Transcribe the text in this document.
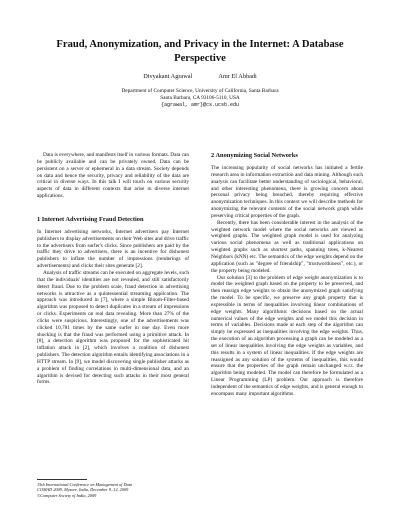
Fraud, Anonymization, and Privacy in the Internet: A Database Perspective
Divyakant Agrawal	Amr El Abbadi
Department of Computer Science, University of California, Santa Barbara
Santa Barbara, CA 93106-5110, USA
{agrawal, amr}@cs.ucsb.edu

Data is everywhere, and manifests itself in various formats. Data can be publicly available and can be privately owned. Data can be persistent on a server or ephemeral in a data stream. Society depends on data and hence the security, privacy and reliability of the data are critical in diverse ways. In this talk I will touch on various security aspects of data in different contexts that arise in diverse internet applications.

1 Internet Advertising Fraud Detection

In Internet advertising networks, Internet advertisers pay Internet publishers to display advertisements on their Web sites and drive traffic to the advertisers from surfer's clicks. Since publishers are paid by the traffic they drive to advertisers, there is an incentive for dishonest publishers to inflate the number of impressions (renderings of advertisements) and clicks their sites generate [2].

Analysis of traffic streams can be executed on aggregate levels, such that the individuals' identities are not revealed, and still satisfactorily detect fraud. Due to the problem scale, fraud detection in advertising networks is attractive as a quintessential streaming application. The approach was introduced in [7], where a simple Bloom-Filter-based algorithm was proposed to detect duplicates in a stream of impressions or clicks. Experiments on real data revealing. More than 27% of the clicks were suspicious. Interestingly, one of the advertisements was clicked 10,781 times by the same surfer in one day. Even more shocking is that the fraud was performed using a primitive attack. In [8], a detection algorithm was proposed for the sophisticated hit inflation attack in [2], which involves a coalition of dishonest publishers. The detection algorithm entails identifying associations in a HTTP stream. In [9], we model discovering single publisher attacks as a problem of finding correlations in multi-dimensional data, and an algorithm is devised for detecting such attacks in their most general forms.

2 Anonymizing Social Networks

The increasing popularity of social networks has initiated a fertile research area in information extraction and data mining. Although such analysis can facilitate better understanding of sociological, behavioral, and other interesting phenomena, there is growing concern about personal privacy being breached, thereby requiring effective anonymization techniques. In this context we will describe methods for anonymizing the relevant contents of the social network graph while preserving critical properties of the graph.

Recently, there has been considerable interest in the analysis of the weighted network model where the social networks are viewed as weighted graphs. The weighted graph model is used for analyzing various social phenomena as well as traditional applications on weighted graphs such as shortest paths, spanning trees, k-Nearest Neighbors (kNN) etc. The semantics of the edge weights depend on the application (such as "degree of friendship", "trustworthiness", etc.), or the property being modeled.

Our solution [3] to the problem of edge weight anonymization is to model the weighted graph based on the property to be preserved, and then reassign edge weights to obtain the anonymized graph satisfying the model. To be specific, we preserve any graph property that is expressible in terms of inequalities involving linear combinations of edge weights. Many algorithmic decisions based on the actual numerical values of the edge weights and we model this decision in terms of variables. Decisions made at each step of the algorithm can simply be expressed as inequalities involving the edge weights. Thus, the execution of an algorithm processing a graph can be modeled as a set of linear inequalities involving the edge weights as variables, and this results in a system of linear inequalities. If the edge weights are reassigned as any solution of the systems of inequalities, this would ensure that the properties of the graph remain unchanged w.r.t. the algorithm being modeled. The model can therefore be formulated as a Linear Programming (LP) problem. Our approach is therefore independent of the semantics of edge weights, and is general enough to encompass many important algorithms.

15th International Conference on Management of Data
COMAD 2009, Mysore, India, December 9–12, 2009
©Computer Society of India, 2009
